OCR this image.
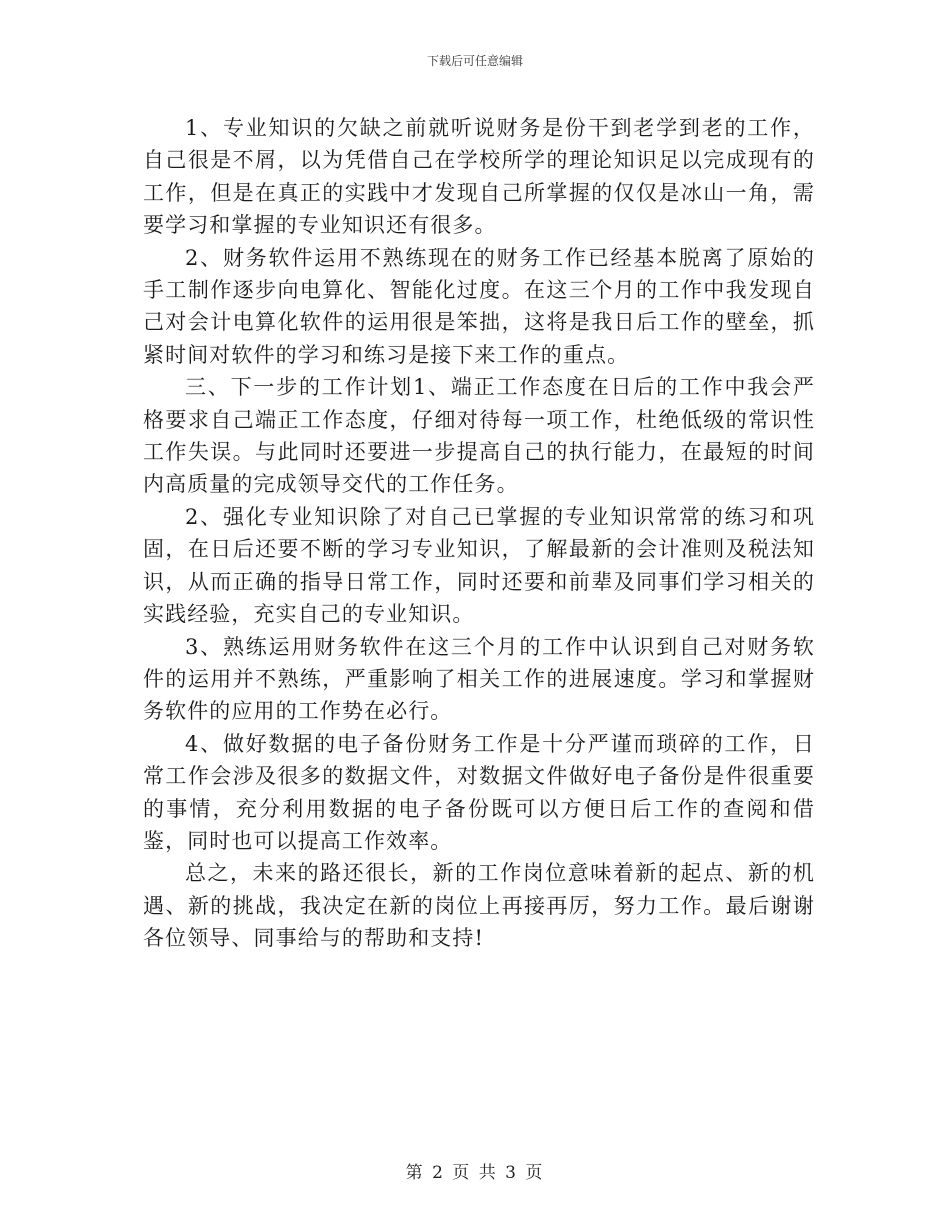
下载后可任意编辑

1、专业知识的欠缺之前就听说财务是份干到老学到老的工作，自己很是不屑，以为凭借自己在学校所学的理论知识足以完成现有的工作，但是在真正的实践中才发现自己所掌握的仅仅是冰山一角，需要学习和掌握的专业知识还有很多。

2、财务软件运用不熟练现在的财务工作已经基本脱离了原始的手工制作逐步向电算化、智能化过度。在这三个月的工作中我发现自己对会计电算化软件的运用很是笨拙，这将是我日后工作的壁垒，抓紧时间对软件的学习和练习是接下来工作的重点。

三、下一步的工作计划1、端正工作态度在日后的工作中我会严格要求自己端正工作态度，仔细对待每一项工作，杜绝低级的常识性工作失误。与此同时还要进一步提高自己的执行能力，在最短的时间内高质量的完成领导交代的工作任务。

2、强化专业知识除了对自己已掌握的专业知识常常的练习和巩固，在日后还要不断的学习专业知识，了解最新的会计准则及税法知识，从而正确的指导日常工作，同时还要和前辈及同事们学习相关的实践经验，充实自己的专业知识。

3、熟练运用财务软件在这三个月的工作中认识到自己对财务软件的运用并不熟练，严重影响了相关工作的进展速度。学习和掌握财务软件的应用的工作势在必行。

4、做好数据的电子备份财务工作是十分严谨而琐碎的工作，日常工作会涉及很多的数据文件，对数据文件做好电子备份是件很重要的事情，充分利用数据的电子备份既可以方便日后工作的查阅和借鉴，同时也可以提高工作效率。

总之，未来的路还很长，新的工作岗位意味着新的起点、新的机遇、新的挑战，我决定在新的岗位上再接再厉，努力工作。最后谢谢各位领导、同事给与的帮助和支持!

第 2 页 共 3 页
